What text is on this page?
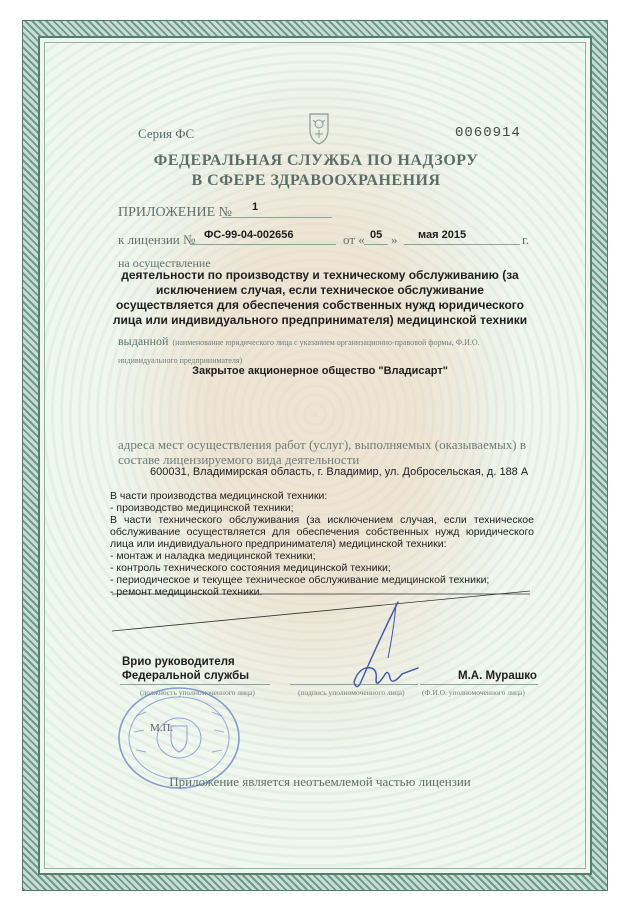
Серия ФС	0060914
ФЕДЕРАЛЬНАЯ СЛУЖБА ПО НАДЗОРУ
В СФЕРЕ ЗДРАВООХРАНЕНИЯ
ПРИЛОЖЕНИЕ № 1
к лицензии № ФС-99-04-002656	от « 05 » мая 2015	г.
на осуществление
деятельности по производству и техническому обслуживанию (за исключением случая, если техническое обслуживание осуществляется для обеспечения собственных нужд юридического лица или индивидуального предпринимателя) медицинской техники
выданной (наименование юридического лица с указанием организационно-правовой формы, Ф.И.О. индивидуального предпринимателя)
Закрытое акционерное общество "Владисарт"
адреса мест осуществления работ (услуг), выполняемых (оказываемых) в составе лицензируемого вида деятельности
600031, Владимирская область, г. Владимир, ул. Добросельская, д. 188 А

В части производства медицинской техники:

- производство медицинской техники;

В части технического обслуживания (за исключением случая, если техническое обслуживание осуществляется для обеспечения собственных нужд юридического лица или индивидуального предпринимателя) медицинской техники:

- монтаж и наладка медицинской техники;

- контроль технического состояния медицинской техники;

- периодическое и текущее техническое обслуживание медицинской техники;

- ремонт медицинской техники.

Врио руководителя
Федеральной службы	М.А. Мурашко
(должность уполномоченного лица)	(подпись уполномоченного лица) (Ф.И.О. уполномоченного лица)
М.П.
Приложение является неотъемлемой частью лицензии
